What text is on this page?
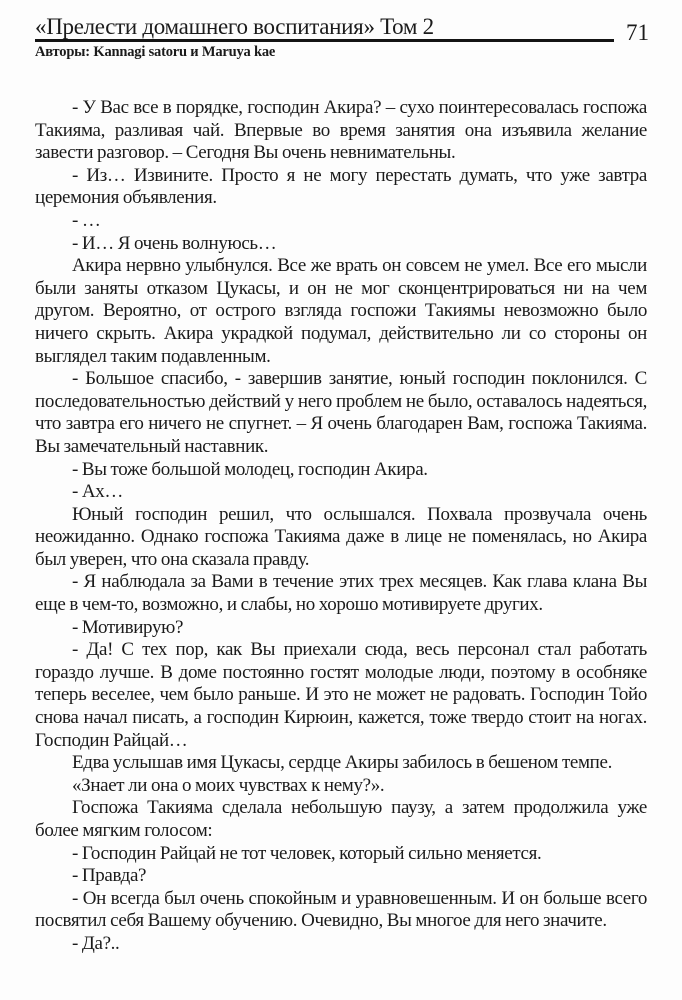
«Прелести домашнего воспитания» Том 2	71
Авторы: Kannagi satoru и Maruya kae

- У Вас все в порядке, господин Акира? – сухо поинтересовалась госпожа Такияма, разливая чай. Впервые во время занятия она изъявила желание завести разговор. – Сегодня Вы очень невнимательны.

- Из… Извините. Просто я не могу перестать думать, что уже завтра церемония объявления.

- …

- И… Я очень волнуюсь…

Акира нервно улыбнулся. Все же врать он совсем не умел. Все его мысли были заняты отказом Цукасы, и он не мог сконцентрироваться ни на чем другом. Вероятно, от острого взгляда госпожи Такиямы невозможно было ничего скрыть. Акира украдкой подумал, действительно ли со стороны он выглядел таким подавленным.

- Большое спасибо, - завершив занятие, юный господин поклонился. С последовательностью действий у него проблем не было, оставалось надеяться, что завтра его ничего не спугнет. – Я очень благодарен Вам, госпожа Такияма. Вы замечательный наставник.

- Вы тоже большой молодец, господин Акира.

- Ах…

Юный господин решил, что ослышался. Похвала прозвучала очень неожиданно. Однако госпожа Такияма даже в лице не поменялась, но Акира был уверен, что она сказала правду.

- Я наблюдала за Вами в течение этих трех месяцев. Как глава клана Вы еще в чем-то, возможно, и слабы, но хорошо мотивируете других.

- Мотивирую?

- Да! С тех пор, как Вы приехали сюда, весь персонал стал работать гораздо лучше. В доме постоянно гостят молодые люди, поэтому в особняке теперь веселее, чем было раньше. И это не может не радовать. Господин Тойо снова начал писать, а господин Кирюин, кажется, тоже твердо стоит на ногах. Господин Райцай…

Едва услышав имя Цукасы, сердце Акиры забилось в бешеном темпе.

«Знает ли она о моих чувствах к нему?».

Госпожа Такияма сделала небольшую паузу, а затем продолжила уже более мягким голосом:

- Господин Райцай не тот человек, который сильно меняется.

- Правда?

- Он всегда был очень спокойным и уравновешенным. И он больше всего посвятил себя Вашему обучению. Очевидно, Вы многое для него значите.

- Да?..
